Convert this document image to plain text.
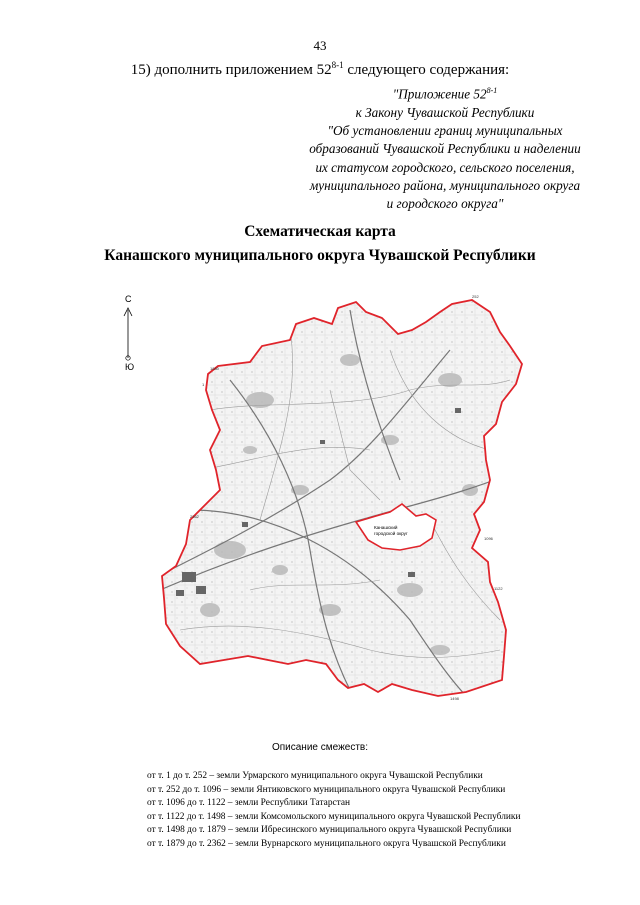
43
15) дополнить приложением 52$^{8-1}$ следующего содержания:
"Приложение 52$^{8-1}$
к Закону Чувашской Республики
"Об установлении границ муниципальных
образований Чувашской Республики и наделении
их статусом городского, сельского поселения,
муниципального района, муниципального округа
и городского округа"
Схематическая карта
Канашского муниципального округа Чувашской Республики
С
Ю
Канашский
городской округ
1880
2362
1
252
1096
1122
1498
Описание смежеств:
от т. 1 до т. 252 – земли Урмарского муниципального округа Чувашской Республики
от т. 252 до т. 1096 – земли Янтиковского муниципального округа Чувашской Республики
от т. 1096 до т. 1122 – земли Республики Татарстан
от т. 1122 до т. 1498 – земли Комсомольского муниципального округа Чувашской Республики
от т. 1498 до т. 1879 – земли Ибресинского муниципального округа Чувашской Республики
от т. 1879 до т. 2362 – земли Вурнарского муниципального округа Чувашской Республики
